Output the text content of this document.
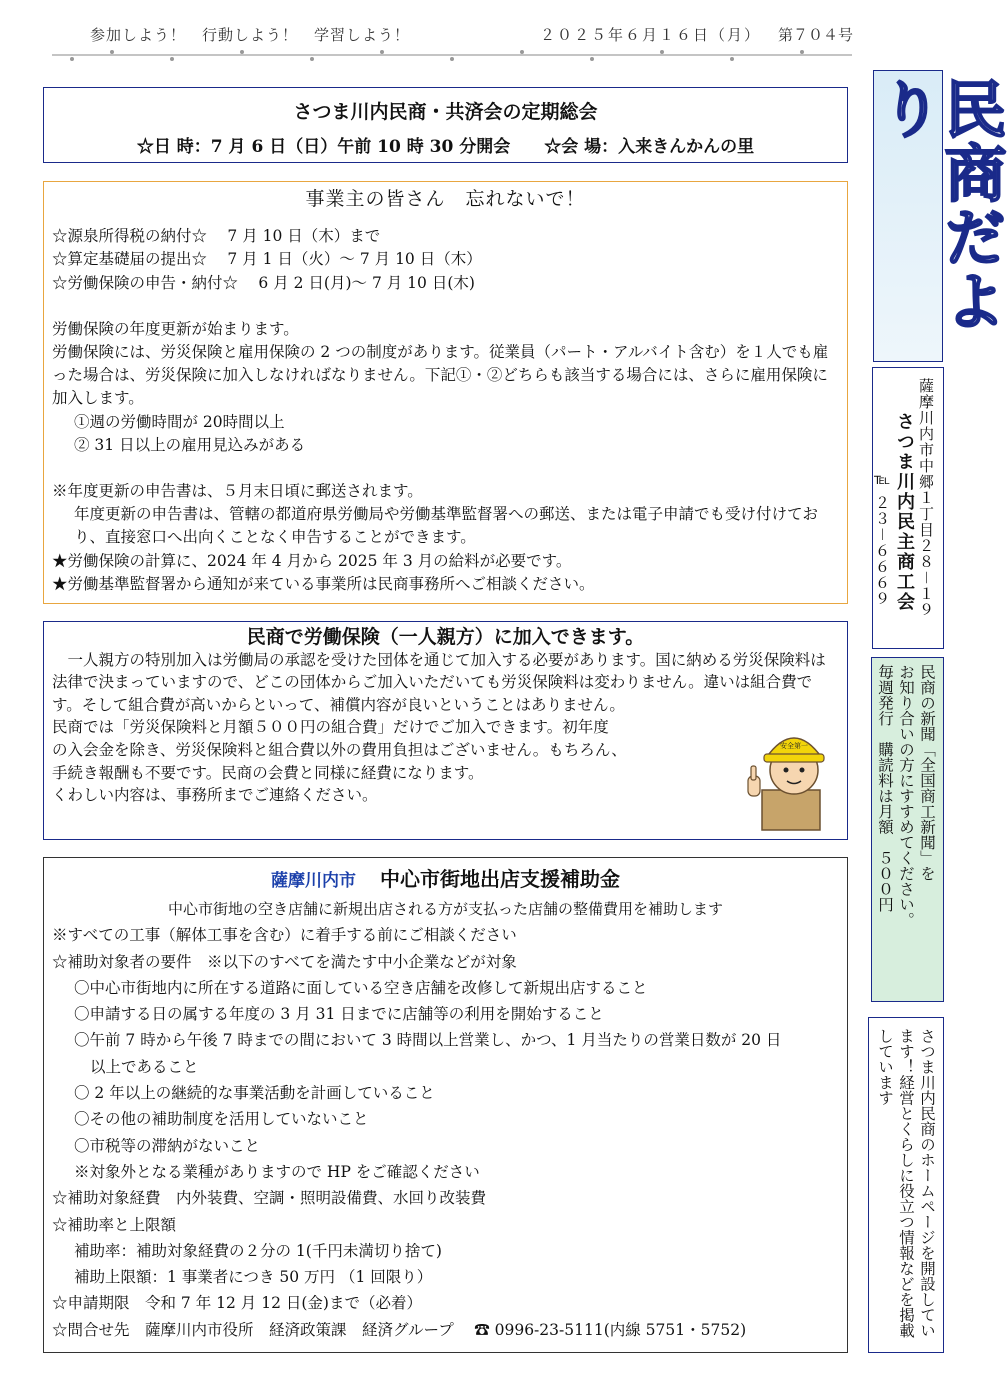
参加しよう！　行動しよう！　学習しよう！	２０２５年６月１６日（月） 第７０４号
さつま川内民商・共済会の定期総会
☆日 時：7 月 6 日（日）午前 10 時 30 分開会　　☆会 場：入来きんかんの里
事業主の皆さん　忘れないで！

☆源泉所得税の納付☆　 7 月 10 日（木）まで

☆算定基礎届の提出☆　 7 月 1 日（火）～ 7 月 10 日（木）

☆労働保険の申告・納付☆　 6 月 2 日(月)～ 7 月 10 日(木)

労働保険の年度更新が始まります。

労働保険には、労災保険と雇用保険の 2 つの制度があります。従業員（パート・アルバイト含む）を１人でも雇った場合は、労災保険に加入しなければなりません。下記①・②どちらも該当する場合には、さらに雇用保険に加入します。

①週の労働時間が 20時間以上

② 31 日以上の雇用見込みがある

※年度更新の申告書は、５月末日頃に郵送されます。

年度更新の申告書は、管轄の都道府県労働局や労働基準監督署への郵送、または電子申請でも受け付けており、直接窓口へ出向くことなく申告することができます。

★労働保険の計算に、2024 年 4 月から 2025 年 3 月の給料が必要です。

★労働基準監督署から通知が来ている事業所は民商事務所へご相談ください。

民商で労働保険（一人親方）に加入できます。

一人親方の特別加入は労働局の承認を受けた団体を通じて加入する必要があります。国に納める労災保険料は法律で決まっていますので、どこの団体からご加入いただいても労災保険料は変わりません。違いは組合費です。そして組合費が高いからといって、補償内容が良いということはありません。

民商では「労災保険料と月額５００円の組合費」だけでご加入できます。初年度

の入会金を除き、労災保険料と組合費以外の費用負担はございません。もちろん、

手続き報酬も不要です。民商の会費と同様に経費になります。

くわしい内容は、事務所までご連絡ください。

安全第一
薩摩川内市 中心市街地出店支援補助金
中心市街地の空き店舗に新規出店される方が支払った店舗の整備費用を補助します

※すべての工事（解体工事を含む）に着手する前にご相談ください

☆補助対象者の要件　※以下のすべてを満たす中小企業などが対象

〇中心市街地内に所在する道路に面している空き店舗を改修して新規出店すること

〇申請する日の属する年度の 3 月 31 日までに店舗等の利用を開始すること

〇午前 7 時から午後 7 時までの間において 3 時間以上営業し、かつ、1 月当たりの営業日数が 20 日

以上であること

〇 2 年以上の継続的な事業活動を計画していること

〇その他の補助制度を活用していないこと

〇市税等の滞納がないこと

※対象外となる業種がありますので HP をご確認ください

☆補助対象経費　内外装費、空調・照明設備費、水回り改装費

☆補助率と上限額

補助率：補助対象経費の２分の 1(千円未満切り捨て)

補助上限額：1 事業者につき 50 万円 （1 回限り）

☆申請期限　令和 7 年 12 月 12 日(金)まで（必着）

☆問合せ先　薩摩川内市役所　経済政策課　経済グループ　 ☎ 0996-23-5111(内線 5751・5752)

民商だより
薩摩川内市中郷１丁目２８－１９
さつま川内民主商工会
℡ ２３－６６６９
民商の新聞「全国商工新聞」を
お知り合いの方にすすめてください。
毎週発行　購読料は月額　５００円
さつま川内民商のホームページを開設しています！経営とくらしに役立つ情報などを掲載しています
